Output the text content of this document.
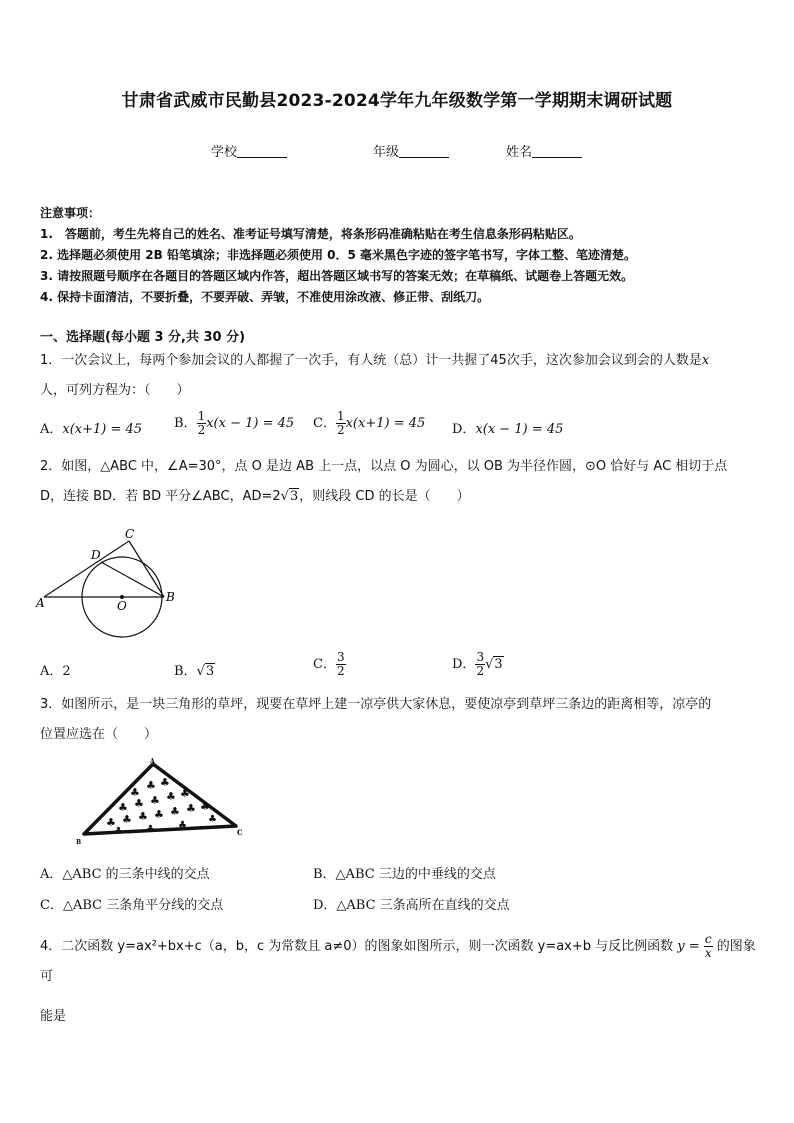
甘肃省武威市民勤县2023-2024学年九年级数学第一学期期末调研试题
学校	年级	姓名
注意事项：
1.　答题前，考生先将自己的姓名、准考证号填写清楚，将条形码准确粘贴在考生信息条形码粘贴区。
2. 选择题必须使用 2B 铅笔填涂；非选择题必须使用 0．5 毫米黑色字迹的签字笔书写，字体工整、笔迹清楚。
3. 请按照题号顺序在各题目的答题区域内作答，超出答题区域书写的答案无效；在草稿纸、试题卷上答题无效。
4. 保持卡面清洁，不要折叠，不要弄破、弄皱，不准使用涂改液、修正带、刮纸刀。
一、选择题(每小题 3 分,共 30 分)
1．一次会议上，每两个参加会议的人都握了一次手，有人统（总）计一共握了45次手，这次参加会议到会的人数是x
人，可列方程为：（　　）
A．x(x+1) = 45 B． $\frac{1}{2} x(x - 1) = 45$ C． $\frac{1}{2} x(x+1) = 45$ D．x(x − 1) = 45
2．如图，△ABC 中，∠A=30°，点 O 是边 AB 上一点，以点 O 为圆心，以 OB 为半径作圆，⊙O 恰好与 AC 相切于点
D，连接 BD．若 BD 平分∠ABC，AD=2√3，则线段 CD 的长是（　　）
A	B
C
D
O
A．2	B．√3	C． $\frac{3}{2}$	D． $\frac{3}{2} √3$
3．如图所示，是一块三角形的草坪，现要在草坪上建一凉亭供大家休息，要使凉亭到草坪三条边的距离相等，凉亭的
位置应选在（　　）
♣
♣ ♣
♣ ♣ ♣ ♣ ♣
♣ ♣ ♣ ♣ ♣ ♣ ♣
♣ ♣ ♣
♣
A
B
C
A．△ABC 的三条中线的交点	B．△ABC 三边的中垂线的交点
C．△ABC 三条角平分线的交点	D．△ABC 三条高所在直线的交点
4．二次函数 y=ax²+bx+c（a，b，c 为常数且 a≠0）的图象如图所示，则一次函数 y=ax+b 与反比例函数 $y = \frac{c}{x}$ 的图象可
能是
